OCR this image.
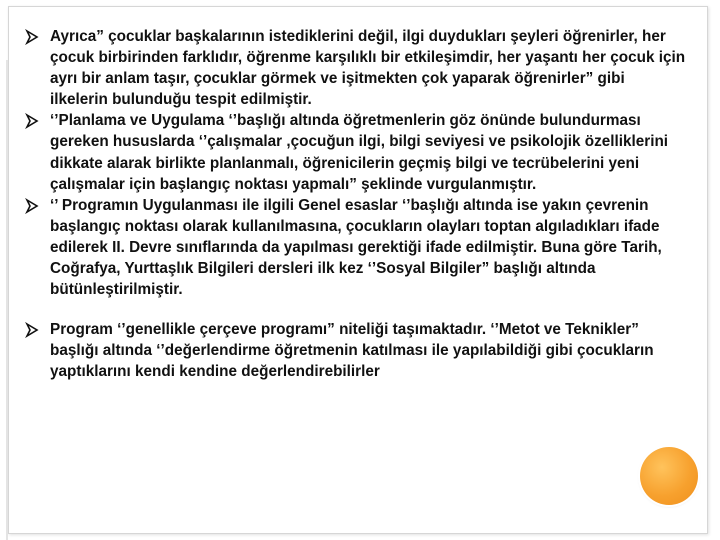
Ayrıca” çocuklar başkalarının istediklerini değil, ilgi duydukları şeyleri öğrenirler, her çocuk birbirinden farklıdır, öğrenme karşılıklı bir etkileşimdir, her yaşantı her çocuk için ayrı bir anlam taşır, çocuklar görmek ve işitmekten çok yaparak öğrenirler” gibi ilkelerin bulunduğu tespit edilmiştir.
‘’Planlama ve Uygulama ‘’başlığı altında öğretmenlerin göz önünde bulundurması gereken hususlarda ‘’çalışmalar ,çocuğun ilgi, bilgi seviyesi ve psikolojik özelliklerini dikkate alarak birlikte planlanmalı, öğrenicilerin geçmiş bilgi ve tecrübelerini yeni çalışmalar için başlangıç noktası yapmalı” şeklinde vurgulanmıştır.
‘’ Programın Uygulanması ile ilgili Genel esaslar ‘’başlığı altında ise yakın çevrenin başlangıç noktası olarak kullanılmasına, çocukların olayları toptan algıladıkları ifade edilerek II. Devre sınıflarında da yapılması gerektiği ifade edilmiştir. Buna göre Tarih, Coğrafya, Yurttaşlık Bilgileri dersleri ilk kez ‘’Sosyal Bilgiler” başlığı altında bütünleştirilmiştir.
Program ‘’genellikle çerçeve programı” niteliği taşımaktadır. ‘’Metot ve Teknikler” başlığı altında ‘’değerlendirme öğretmenin katılması ile yapılabildiği gibi çocukların yaptıklarını kendi kendine değerlendirebilirler
